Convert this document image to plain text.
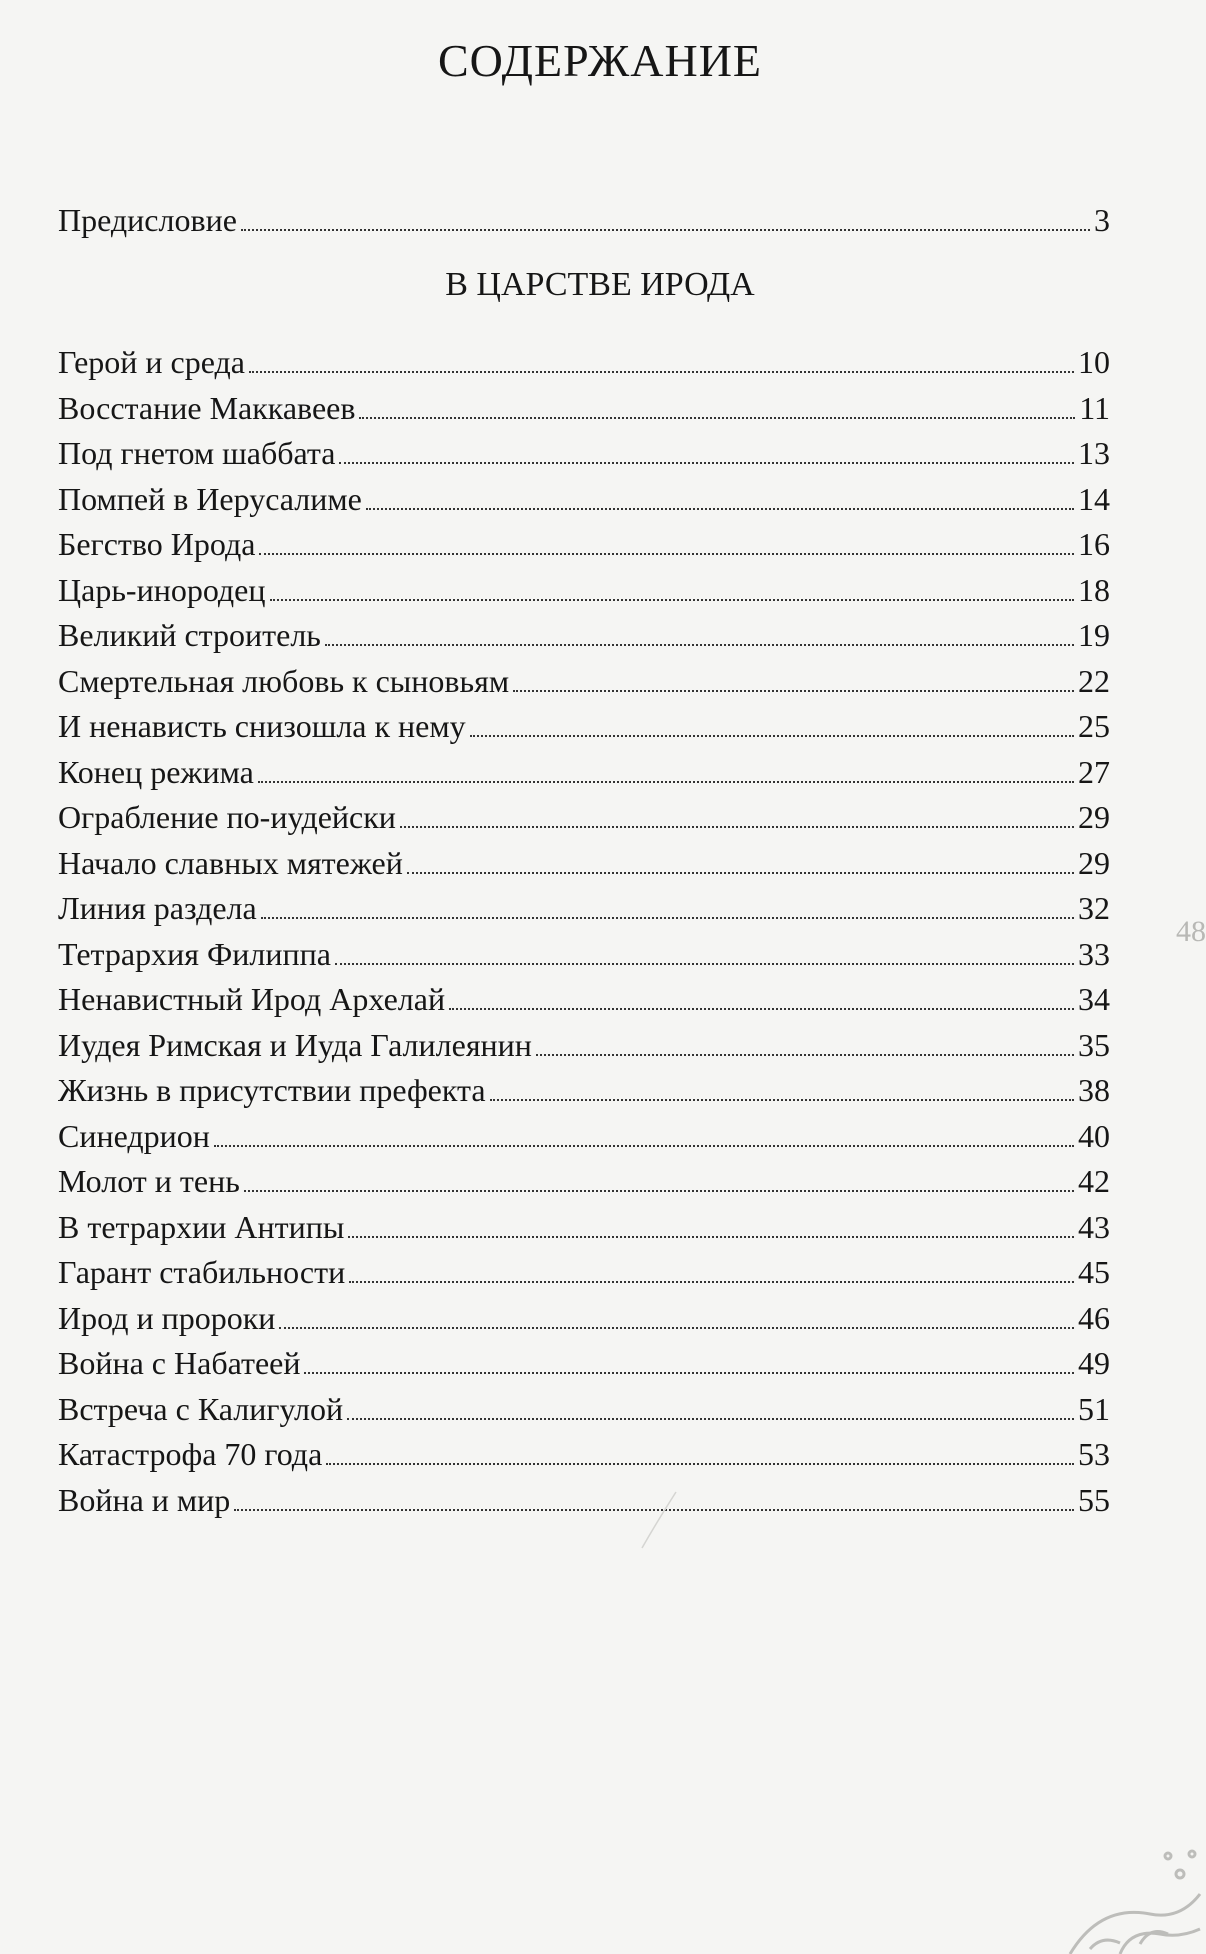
СОДЕРЖАНИЕ
Предисловие	3
В ЦАРСТВЕ ИРОДА
Герой и среда	10
Восстание Маккавеев	11
Под гнетом шаббата	13
Помпей в Иерусалиме	14
Бегство Ирода	16
Царь-инородец	18
Великий строитель	19
Смертельная любовь к сыновьям	22
И ненависть снизошла к нему	25
Конец режима	27
Ограбление по-иудейски	29
Начало славных мятежей	29
Линия раздела	32
Тетрархия Филиппа	33
Ненавистный Ирод Архелай	34
Иудея Римская и Иуда Галилеянин	35
Жизнь в присутствии префекта	38
Синедрион	40
Молот и тень	42
В тетрархии Антипы	43
Гарант стабильности	45
Ирод и пророки	46
Война с Набатеей	49
Встреча с Калигулой	51
Катастрофа 70 года	53
Война и мир	55
48
